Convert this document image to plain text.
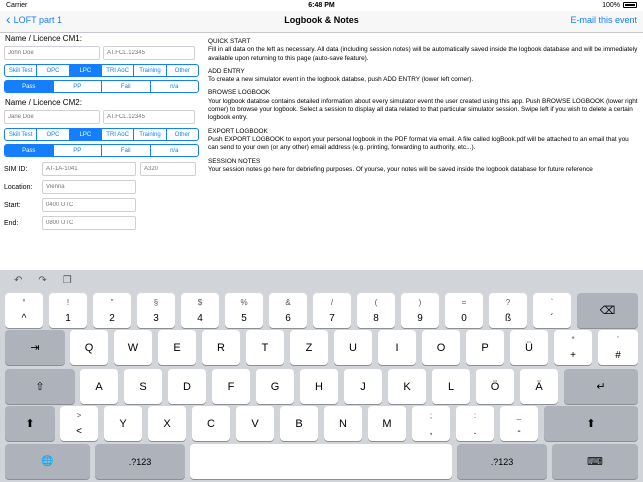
Carrier	6:48 PM	100%
‹ LOFT part 1	Logbook & Notes	E-mail this event
Name / Licence CM1:
John Doe
AT.FCL.12345
Skill Test	OPC	LPC	TRI AoC	Training	Other
Pass	PP	Fail	n/a
Name / Licence CM2:
Jane Doe
AT.FCL.12345
Skill Test	OPC	LPC	TRI AoC	Training	Other
Pass	PP	Fail	n/a
SIM ID:
AT-1A-1041
A320
Location:
Vienna
Start:
0400 UTC
End:
0800 UTC
QUICK START

Fill in all data on the left as necessary. All data (including session notes) will be automatically saved inside the logbook database and will be immediately available upon returning to this page (auto-save feature).

ADD ENTRY

To create a new simulator event in the logbook databse, push ADD ENTRY (lower left corner).

BROWSE LOGBOOK

Your logbook databse contains detailed information about every simulator event the user created using this app. Push BROWSE LOGBOOK (lower right corner) to browse your logbook. Select a session to display all data related to that particular simulator session. Swipe left if you wish to delete a certain logbook entry.

EXPORT LOGBOOK

Push EXPORT LOGBOOK to export your personal logbook in the PDF format via email. A file called logBook.pdf will be attached to an email that you can send to your own (or any other) email address (e.g. printing, forwarding to authority, etc...).

SESSION NOTES

Your session notes go here for debriefing purposes. Of yourse, your notes will be saved inside the logbook database for future reference

↶ ↷ ❐
°
^
!
1
"
2
§
3
$
4
%
5
&
6
/
7
(
8
)
9
=
0
?
ß
`
´
⌫
⇥	Q	W	E	R	T	Z	U	I	O	P	Ü
*
+
'
#
⇧	A	S	D	F	G	H	J	K	L	Ö	Ä	↵
⬆
>
<
Y	X	C	V	B	N	M
;
,
:
.
_
-
⬆
🌐	.?123	.?123	⌨
